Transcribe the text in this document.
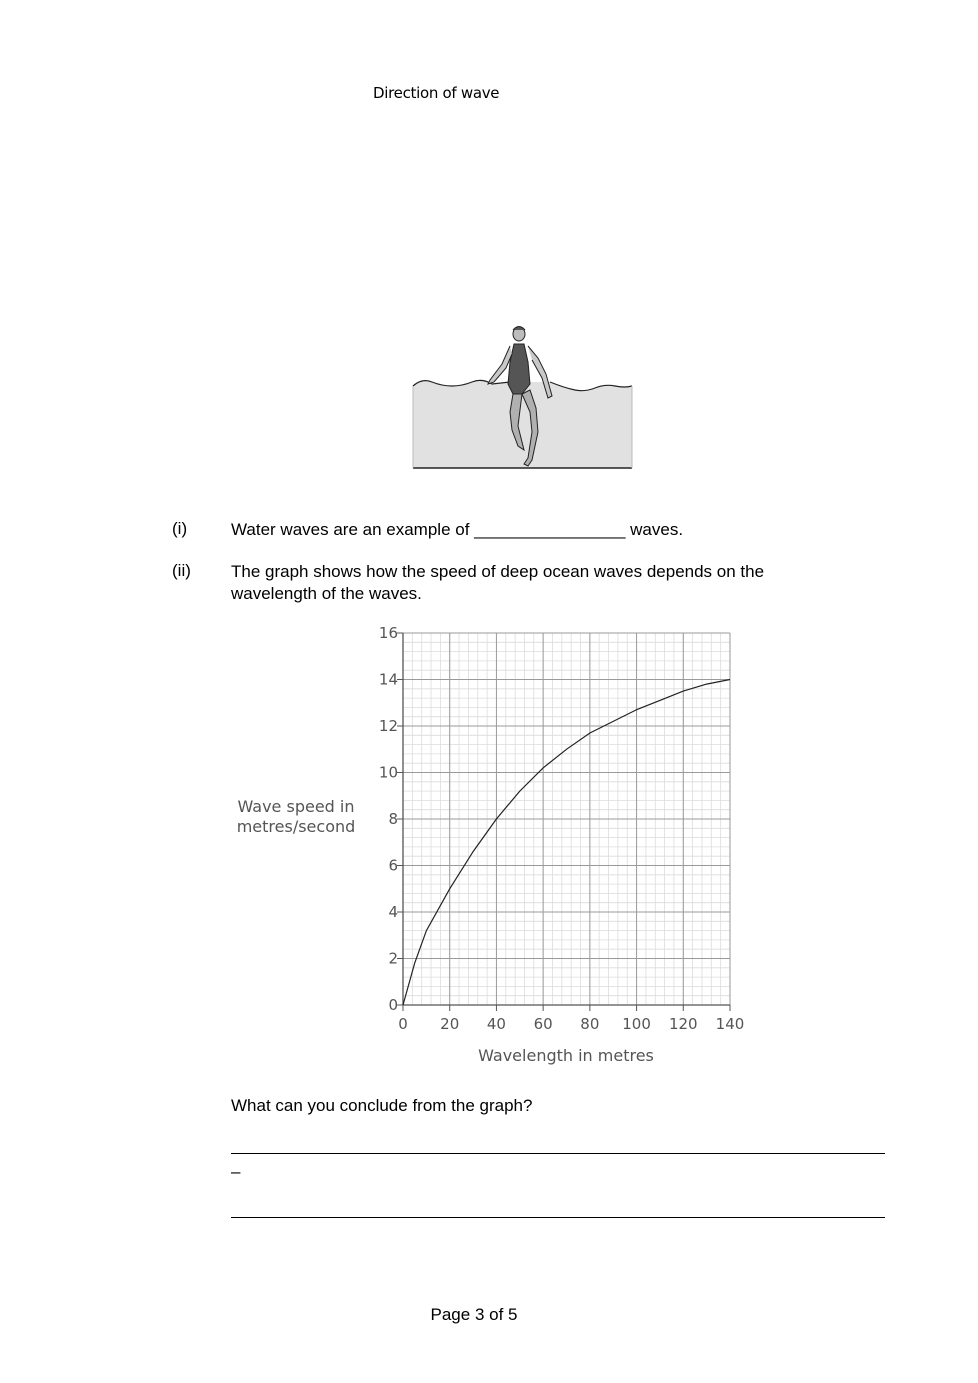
Direction of wave
(i)	Water waves are an example of ________________ waves.
(ii) The graph shows how the speed of deep ocean waves depends on the wavelength of the waves.
0 20 40 60 80 100 120 140
0
2
4
6
8
10
12
14
16
Wave speed in
metres/second
Wavelength in metres
What can you conclude from the graph?
–
Page 3 of 5
